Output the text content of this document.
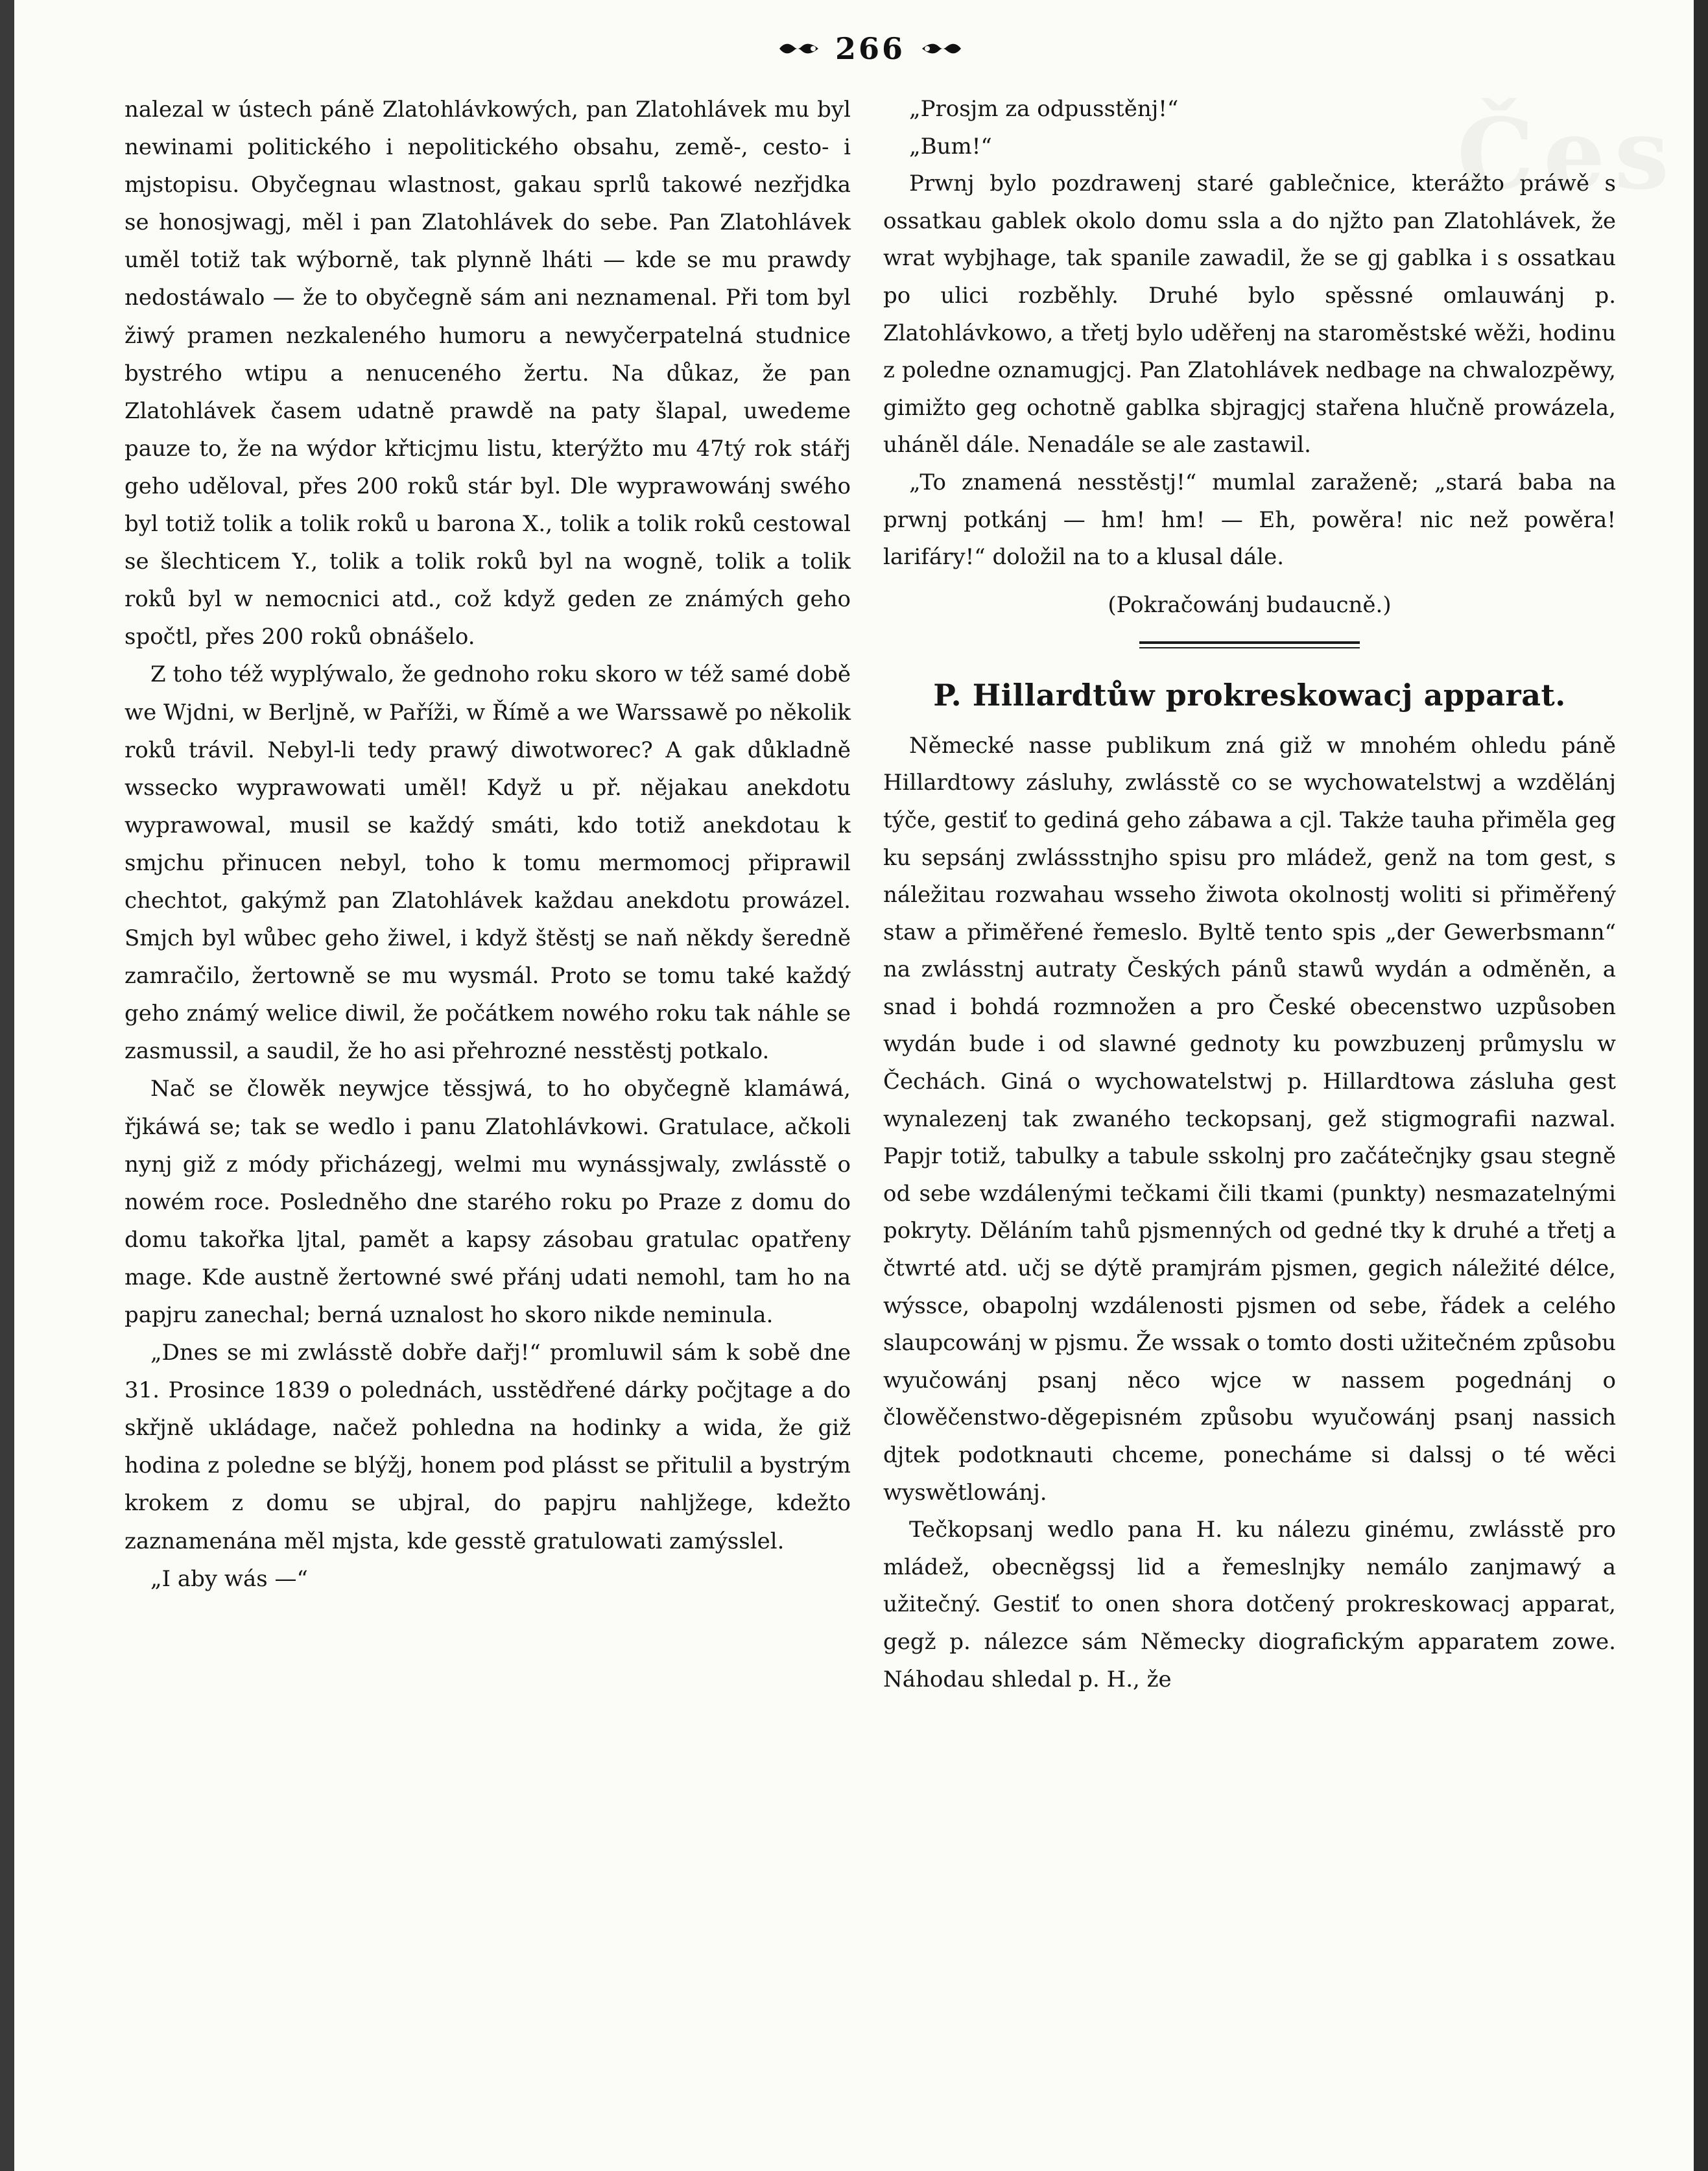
266

nalezal w ústech páně Zlatohlávkowých, pan Zlatohlávek mu byl newinami politického i nepolitického obsahu, země-, cesto- i mjstopisu. Obyčegnau wlastnost, gakau sprlů takowé nezřjdka se honosjwagj, měl i pan Zlatohlávek do sebe. Pan Zlatohlávek uměl totiž tak wýborně, tak plynně lháti — kde se mu prawdy nedostáwalo — že to obyčegně sám ani neznamenal. Při tom byl žiwý pramen nezkaleného humoru a newyčerpatelná studnice bystrého wtipu a nenuceného žertu. Na důkaz, že pan Zlatohlávek časem udatně prawdě na paty šlapal, uwedeme pauze to, že na wýdor křticjmu listu, kterýžto mu 47tý rok stářj geho uděloval, přes 200 roků stár byl. Dle wyprawowánj swého byl totiž tolik a tolik roků u barona X., tolik a tolik roků cestowal se šlechticem Y., tolik a tolik roků byl na wogně, tolik a tolik roků byl w nemocnici atd., což když geden ze známých geho spočtl, přes 200 roků obnášelo.

Z toho též wyplýwalo, že gednoho roku skoro w též samé době we Wjdni, w Berljně, w Paříži, w Římě a we Warssawě po několik roků trávil. Nebyl-li tedy prawý diwotworec? A gak důkladně wssecko wyprawowati uměl! Když u př. nějakau anekdotu wyprawowal, musil se každý smáti, kdo totiž anekdotau k smjchu přinucen nebyl, toho k tomu mermomocj připrawil chechtot, gakýmž pan Zlatohlávek každau anekdotu prowázel. Smjch byl wůbec geho žiwel, i když štěstj se naň někdy šeredně zamračilo, žertowně se mu wysmál. Proto se tomu také každý geho známý welice diwil, že počátkem nowého roku tak náhle se zasmussil, a saudil, že ho asi přehrozné nesstěstj potkalo.

Nač se člowěk neywjce těssjwá, to ho obyčegně klamáwá, řjkáwá se; tak se wedlo i panu Zlatohlávkowi. Gratulace, ačkoli nynj giž z módy přicházegj, welmi mu wynássjwaly, zwlásstě o nowém roce. Posledněho dne starého roku po Praze z domu do domu takořka ljtal, pamět a kapsy zásobau gratulac opatřeny mage. Kde austně žertowné swé přánj udati nemohl, tam ho na papjru zanechal; berná uznalost ho skoro nikde neminula.

„Dnes se mi zwlásstě dobře dařj!“ promluwil sám k sobě dne 31. Prosince 1839 o polednách, usstědřené dárky počjtage a do skřjně ukládage, načež pohledna na hodinky a wida, že giž hodina z poledne se blýžj, honem pod plásst se přitulil a bystrým krokem z domu se ubjral, do papjru nahljžege, kdežto zaznamenána měl mjsta, kde gesstě gratulowati zamýsslel.

„I aby wás —“

„Prosjm za odpusstěnj!“

„Bum!“

Prwnj bylo pozdrawenj staré gablečnice, kterážto práwě s ossatkau gablek okolo domu ssla a do njžto pan Zlatohlávek, že wrat wybjhage, tak spanile zawadil, že se gj gablka i s ossatkau po ulici rozběhly. Druhé bylo spěssné omlauwánj p. Zlatohlávkowo, a třetj bylo uděřenj na staroměstské wěži, hodinu z poledne oznamugjcj. Pan Zlatohlávek nedbage na chwalozpěwy, gimižto geg ochotně gablka sbjragjcj stařena hlučně prowázela, uháněl dále. Nenadále se ale zastawil.

„To znamená nesstěstj!“ mumlal zaraženě; „stará baba na prwnj potkánj — hm! hm! — Eh, powěra! nic než powěra! larifáry!“ doložil na to a klusal dále.

(Pokračowánj budaucně.)

P. Hillardtůw prokreskowacj apparat.

Německé nasse publikum zná giž w mnohém ohledu páně Hillardtowy zásluhy, zwlásstě co se wychowatelstwj a wzdělánj týče, gestiť to gediná geho zábawa a cjl. Także tauha přiměla geg ku sepsánj zwlássstnjho spisu pro mládež, genž na tom gest, s náležitau rozwahau wsseho žiwota okolnostj woliti si přiměřený staw a přiměřené řemeslo. Byltě tento spis „der Gewerbsmann“ na zwlásstnj autraty Českých pánů stawů wydán a odměněn, a snad i bohdá rozmnožen a pro České obecenstwo uzpůsoben wydán bude i od slawné gednoty ku powzbuzenj průmyslu w Čechách. Giná o wychowatelstwj p. Hillardtowa zásluha gest wynalezenj tak zwaného teckopsanj, gež stigmografii nazwal. Papjr totiž, tabulky a tabule sskolnj pro začátečnjky gsau stegně od sebe wzdálenými tečkami čili tkami (punkty) nesmazatelnými pokryty. Děláním tahů pjsmenných od gedné tky k druhé a třetj a čtwrté atd. učj se dýtě pramjrám pjsmen, gegich náležité délce, wýssce, obapolnj wzdálenosti pjsmen od sebe, řádek a celého slaupcowánj w pjsmu. Že wssak o tomto dosti užitečném způsobu wyučowánj psanj něco wjce w nassem pogednánj o člowěčenstwo-děgepisném způsobu wyučowánj psanj nassich djtek podotknauti chceme, ponecháme si dalssj o té wěci wyswětlowánj.

Tečkopsanj wedlo pana H. ku nálezu ginému, zwlásstě pro mládež, obecněgssj lid a řemeslnjky nemálo zanjmawý a užitečný. Gestiť to onen shora dotčený prokreskowacj apparat, gegž p. nálezce sám Německy diografickým apparatem zowe. Náhodau shledal p. H., že
